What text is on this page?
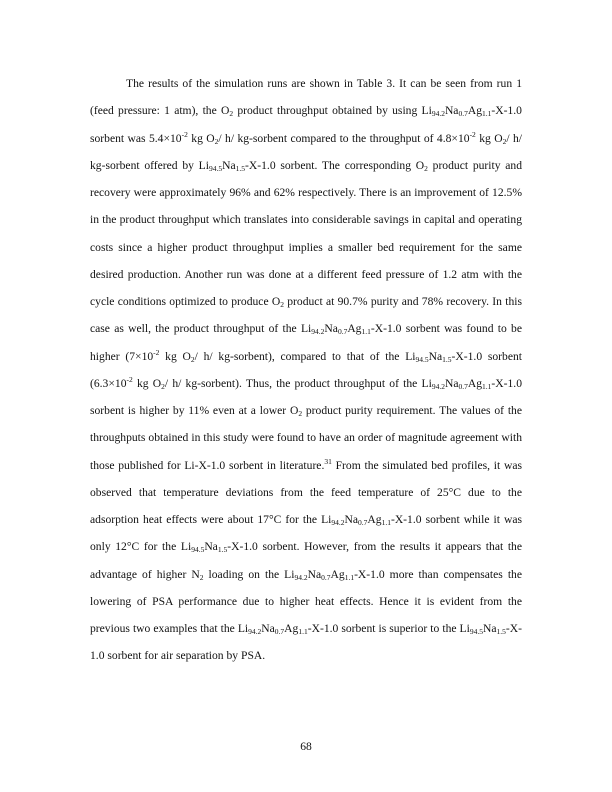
The results of the simulation runs are shown in Table 3. It can be seen from run 1 (feed pressure: 1 atm), the $O_2$ product throughput obtained by using $Li_{94.2}Na_{0.7}Ag_{1.1}-X-1.0$ sorbent was $5.4\times 10^{-2}$ kg $O_2/$ h/ kg-sorbent compared to the throughput of $4.8\times 10^{-2}$ kg $O_2/$ h/ kg-sorbent offered by $Li_{94.5}Na_{1.5}-X-1.0$ sorbent. The corresponding $O_2$ product purity and recovery were approximately 96% and 62% respectively. There is an improvement of 12.5% in the product throughput which translates into considerable savings in capital and operating costs since a higher product throughput implies a smaller bed requirement for the same desired production. Another run was done at a different feed pressure of 1.2 atm with the cycle conditions optimized to produce $O_2$ product at 90.7% purity and 78% recovery. In this case as well, the product throughput of the $Li_{94.2}Na_{0.7}Ag_{1.1}-X-1.0$ sorbent was found to be higher ($7\times 10^{-2}$ kg $O_2/$ h/ kg-sorbent), compared to that of the $Li_{94.5}Na_{1.5}-X-1.0$ sorbent ($6.3\times 10^{-2}$ kg $O_2/$ h/ kg-sorbent). Thus, the product throughput of the $Li_{94.2}Na_{0.7}Ag_{1.1}-X-1.0$ sorbent is higher by 11% even at a lower $O_2$ product purity requirement. The values of the throughputs obtained in this study were found to have an order of magnitude agreement with those published for Li-X-1.0 sorbent in literature.$^{31}$ From the simulated bed profiles, it was observed that temperature deviations from the feed temperature of 25°C due to the adsorption heat effects were about 17°C for the $Li_{94.2}Na_{0.7}Ag_{1.1}-X-1.0$ sorbent while it was only 12°C for the $Li_{94.5}Na_{1.5}-X-1.0$ sorbent. However, from the results it appears that the advantage of higher $N_2$ loading on the $Li_{94.2}Na_{0.7}Ag_{1.1}-X-1.0$ more than compensates the lowering of PSA performance due to higher heat effects. Hence it is evident from the previous two examples that the $Li_{94.2}Na_{0.7}Ag_{1.1}-X-1.0$ sorbent is superior to the $Li_{94.5}Na_{1.5}-X-1.0$ sorbent for air separation by PSA.

68
